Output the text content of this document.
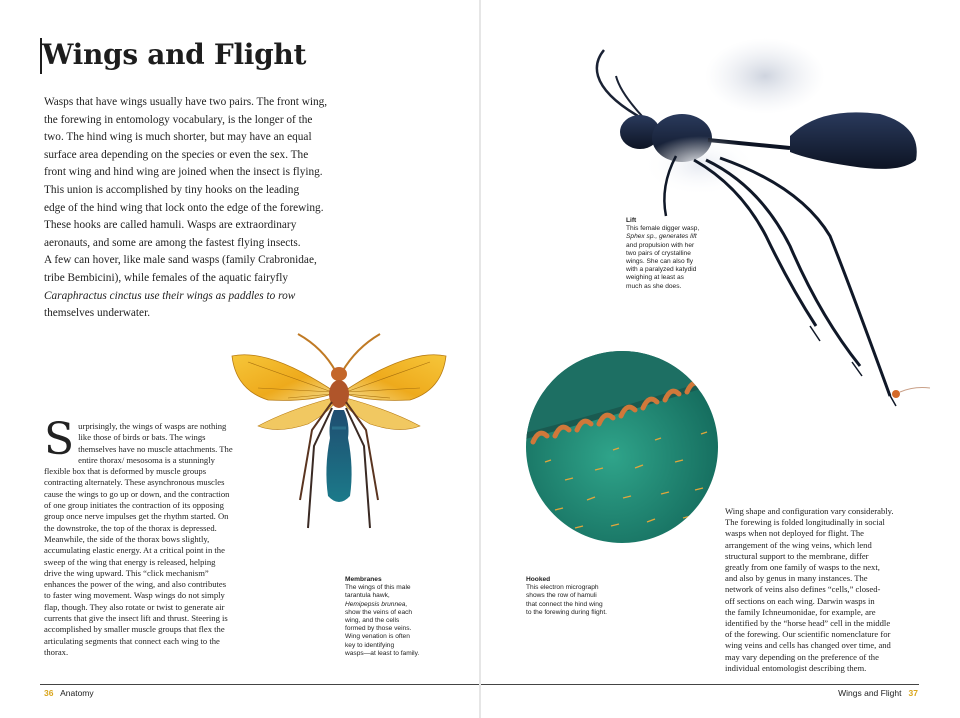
Wings and Flight

Wasps that have wings usually have two pairs. The front wing,
the forewing in entomology vocabulary, is the longer of the
two. The hind wing is much shorter, but may have an equal
surface area depending on the species or even the sex. The
front wing and hind wing are joined when the insect is flying.
This union is accomplished by tiny hooks on the leading
edge of the hind wing that lock onto the edge of the forewing.
These hooks are called hamuli. Wasps are extraordinary
aeronauts, and some are among the fastest flying insects.
A few can hover, like male sand wasps (family Crabronidae,
tribe Bembicini), while females of the aquatic fairyfly
Caraphractus cinctus use their wings as paddles to row
themselves underwater.

S urprisingly, the wings of wasps are nothing like those of birds or bats. The wings themselves have no muscle attachments. The entire thorax/ mesosoma is a stunningly flexible box that is deformed by muscle groups contracting alternately. These asynchronous muscles cause the wings to go up or down, and the contraction of one group initiates the contraction of its opposing group once nerve impulses get the rhythm started. On the downstroke, the top of the thorax is depressed. Meanwhile, the side of the thorax bows slightly, accumulating elastic energy. At a critical point in the sweep of the wing that energy is released, helping drive the wing upward. This “click mechanism” enhances the power of the wing, and also contributes to faster wing movement. Wasp wings do not simply flap, though. They also rotate or twist to generate air currents that give the insect lift and thrust. Steering is accomplished by smaller muscle groups that flex the articulating segments that connect each wing to the thorax.
Membranes
The wings of this male
tarantula hawk,
Hemipepsis brunnea,
show the veins of each
wing, and the cells
formed by those veins.
Wing venation is often
key to identifying
wasps—at least to family.
36 Anatomy
Lift
This female digger wasp,
Sphex sp., generates lift
and propulsion with her
two pairs of crystalline
wings. She can also fly
with a paralyzed katydid
weighing at least as
much as she does.
Hooked
This electron micrograph
shows the row of hamuli
that connect the hind wing
to the forewing during flight.

Wing shape and configuration vary considerably.
The forewing is folded longitudinally in social
wasps when not deployed for flight. The
arrangement of the wing veins, which lend
structural support to the membrane, differ
greatly from one family of wasps to the next,
and also by genus in many instances. The
network of veins also defines “cells,” closed-
off sections on each wing. Darwin wasps in
the family Ichneumonidae, for example, are
identified by the “horse head” cell in the middle
of the forewing. Our scientific nomenclature for
wing veins and cells has changed over time, and
may vary depending on the preference of the
individual entomologist describing them.

Wings and Flight 37
